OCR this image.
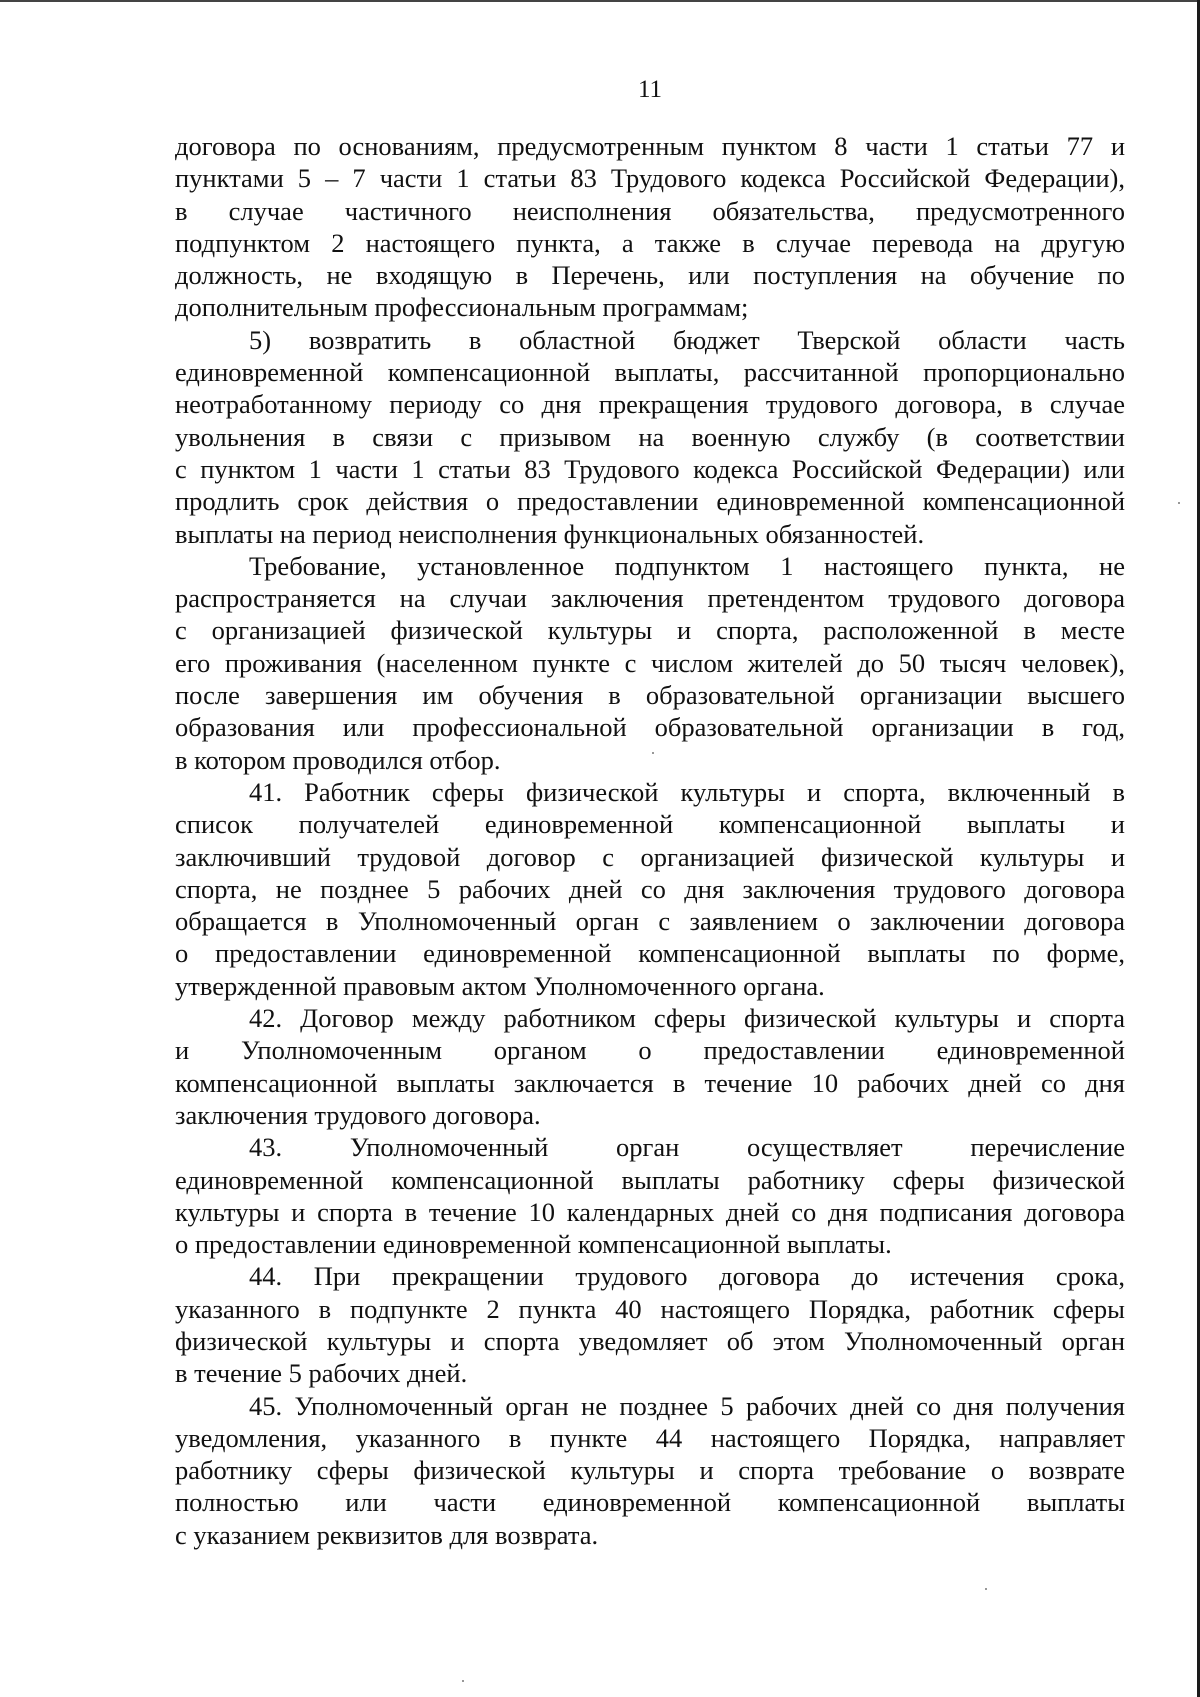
11

договора по основаниям, предусмотренным пунктом 8 части 1 статьи 77 и

пунктами 5 – 7 части 1 статьи 83 Трудового кодекса Российской Федерации),

в случае частичного неисполнения обязательства, предусмотренного

подпунктом 2 настоящего пункта, а также в случае перевода на другую

должность, не входящую в Перечень, или поступления на обучение по

дополнительным профессиональным программам;

5) возвратить в областной бюджет Тверской области часть

единовременной компенсационной выплаты, рассчитанной пропорционально

неотработанному периоду со дня прекращения трудового договора, в случае

увольнения в связи с призывом на военную службу (в соответствии

с пунктом 1 части 1 статьи 83 Трудового кодекса Российской Федерации) или

продлить срок действия о предоставлении единовременной компенсационной

выплаты на период неисполнения функциональных обязанностей.

Требование, установленное подпунктом 1 настоящего пункта, не

распространяется на случаи заключения претендентом трудового договора

с организацией физической культуры и спорта, расположенной в месте

его проживания (населенном пункте с числом жителей до 50 тысяч человек),

после завершения им обучения в образовательной организации высшего

образования или профессиональной образовательной организации в год,

в котором проводился отбор.

41. Работник сферы физической культуры и спорта, включенный в

список получателей единовременной компенсационной выплаты и

заключивший трудовой договор с организацией физической культуры и

спорта, не позднее 5 рабочих дней со дня заключения трудового договора

обращается в Уполномоченный орган с заявлением о заключении договора

о предоставлении единовременной компенсационной выплаты по форме,

утвержденной правовым актом Уполномоченного органа.

42. Договор между работником сферы физической культуры и спорта

и Уполномоченным органом о предоставлении единовременной

компенсационной выплаты заключается в течение 10 рабочих дней со дня

заключения трудового договора.

43. Уполномоченный орган осуществляет перечисление

единовременной компенсационной выплаты работнику сферы физической

культуры и спорта в течение 10 календарных дней со дня подписания договора

о предоставлении единовременной компенсационной выплаты.

44. При прекращении трудового договора до истечения срока,

указанного в подпункте 2 пункта 40 настоящего Порядка, работник сферы

физической культуры и спорта уведомляет об этом Уполномоченный орган

в течение 5 рабочих дней.

45. Уполномоченный орган не позднее 5 рабочих дней со дня получения

уведомления, указанного в пункте 44 настоящего Порядка, направляет

работнику сферы физической культуры и спорта требование о возврате

полностью или части единовременной компенсационной выплаты

с указанием реквизитов для возврата.
